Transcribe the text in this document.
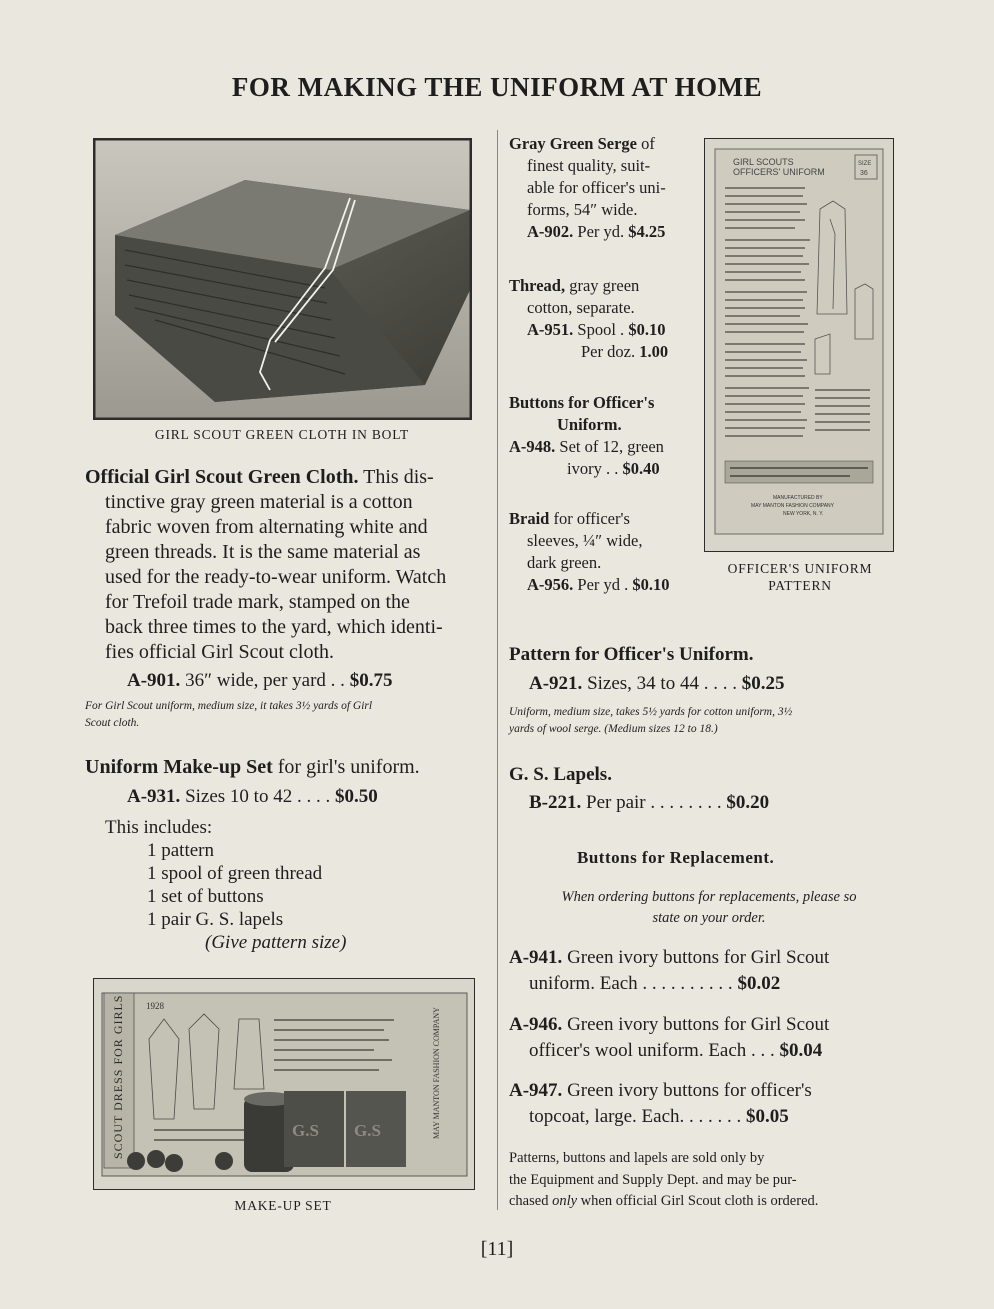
FOR MAKING THE UNIFORM AT HOME
GIRL SCOUT GREEN CLOTH IN BOLT
Official Girl Scout Green Cloth. This dis-
tinctive gray green material is a cotton
fabric woven from alternating white and
green threads. It is the same material as
used for the ready-to-wear uniform. Watch
for Trefoil trade mark, stamped on the
back three times to the yard, which identi-
fies official Girl Scout cloth.
A-901. 36″ wide, per yard . . $0.75
For Girl Scout uniform, medium size, it takes 3½ yards of Girl
Scout cloth.
Uniform Make-up Set for girl's uniform.
A-931. Sizes 10 to 42 . . . . $0.50
This includes:
1 pattern
1 spool of green thread
1 set of buttons
1 pair G. S. lapels
(Give pattern size)
SCOUT DRESS FOR GIRLS 1928
MAY MANTON FASHION COMPANY
G.S G.S
MAKE-UP SET
Gray Green Serge of
finest quality, suit-
able for officer's uni-
forms, 54″ wide.
A-902. Per yd. $4.25
Thread, gray green
cotton, separate.
A-951. Spool . $0.10
Per doz. 1.00
Buttons for Officer's
Uniform.
A-948. Set of 12, green
ivory . . $0.40
Braid for officer's
sleeves, ¼″ wide,
dark green.
A-956. Per yd . $0.10
GIRL SCOUTS
OFFICERS' UNIFORM
SIZE
36
MANUFACTURED BY
MAY MANTON FASHION COMPANY
NEW YORK, N. Y.
OFFICER'S UNIFORM
PATTERN
Pattern for Officer's Uniform.
A-921. Sizes, 34 to 44 . . . . $0.25
Uniform, medium size, takes 5½ yards for cotton uniform, 3½
yards of wool serge. (Medium sizes 12 to 18.)
G. S. Lapels.
B-221. Per pair . . . . . . . . $0.20
Buttons for Replacement.
When ordering buttons for replacements, please so
state on your order.
A-941. Green ivory buttons for Girl Scout
uniform. Each . . . . . . . . . . $0.02
A-946. Green ivory buttons for Girl Scout
officer's wool uniform. Each . . . $0.04
A-947. Green ivory buttons for officer's
topcoat, large. Each. . . . . . . $0.05
Patterns, buttons and lapels are sold only by
the Equipment and Supply Dept. and may be pur-
chased only when official Girl Scout cloth is ordered.
[11]
